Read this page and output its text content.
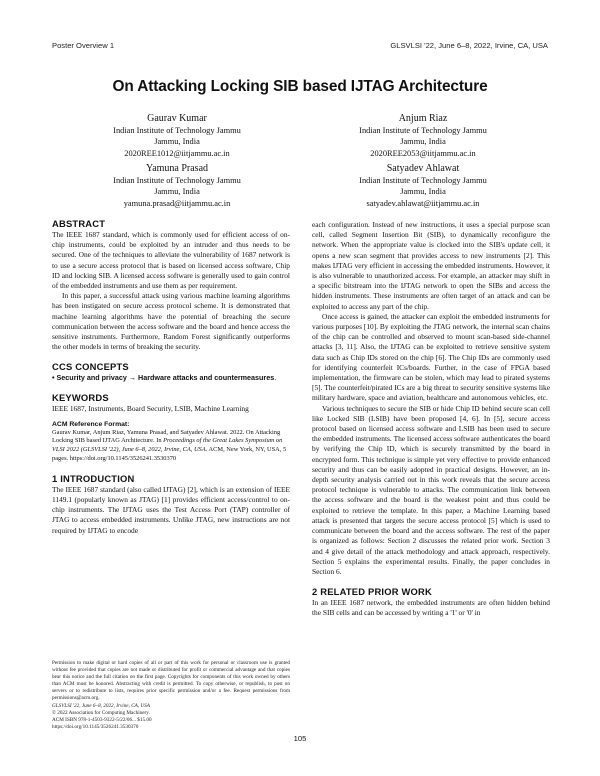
Poster Overview 1	GLSVLSI '22, June 6–8, 2022, Irvine, CA, USA
On Attacking Locking SIB based IJTAG Architecture
Gaurav Kumar
Indian Institute of Technology Jammu
Jammu, India
2020REE1012@iitjammu.ac.in
Anjum Riaz
Indian Institute of Technology Jammu
Jammu, India
2020REE2053@iitjammu.ac.in
Yamuna Prasad
Indian Institute of Technology Jammu
Jammu, India
yamuna.prasad@iitjammu.ac.in
Satyadev Ahlawat
Indian Institute of Technology Jammu
Jammu, India
satyadev.ahlawat@iitjammu.ac.in
ABSTRACT

The IEEE 1687 standard, which is commonly used for efficient access of on-chip instruments, could be exploited by an intruder and thus needs to be secured. One of the techniques to alleviate the vulnerability of 1687 network is to use a secure access protocol that is based on licensed access software, Chip ID and locking SIB. A licensed access software is generally used to gain control of the embedded instruments and use them as per requirement.

In this paper, a successful attack using various machine learning algorithms has been instigated on secure access protocol scheme. It is demonstrated that machine learning algorithms have the potential of breaching the secure communication between the access software and the board and hence access the sensitive instruments. Furthermore, Random Forest significantly outperforms the other models in terms of breaking the security.

CCS CONCEPTS
• Security and privacy → Hardware attacks and countermeasures.
KEYWORDS

IEEE 1687, Instruments, Board Security, LSIB, Machine Learning

ACM Reference Format:
Gaurav Kumar, Anjum Riaz, Yamuna Prasad, and Satyadev Ahlawat. 2022. On Attacking Locking SIB based IJTAG Architecture. In Proceedings of the Great Lakes Symposium on VLSI 2022 (GLSVLSI '22), June 6–8, 2022, Irvine, CA, USA. ACM, New York, NY, USA, 5 pages. https://doi.org/10.1145/3526241.3530370
1 INTRODUCTION

The IEEE 1687 standard (also called IJTAG) [2], which is an extension of IEEE 1149.1 (popularly known as JTAG) [1] provides efficient access/control to on-chip instruments. The IJTAG uses the Test Access Port (TAP) controller of JTAG to access embedded instruments. Unlike JTAG, new instructions are not required by IJTAG to encode

Permission to make digital or hard copies of all or part of this work for personal or classroom use is granted without fee provided that copies are not made or distributed for profit or commercial advantage and that copies bear this notice and the full citation on the first page. Copyrights for components of this work owned by others than ACM must be honored. Abstracting with credit is permitted. To copy otherwise, or republish, to post on servers or to redistribute to lists, requires prior specific permission and/or a fee. Request permissions from permissions@acm.org.

GLSVLSI '22, June 6–8, 2022, Irvine, CA, USA
© 2022 Association for Computing Machinery.
ACM ISBN 978-1-4503-9322-5/22/06... $15.00
https://doi.org/10.1145/3526241.3530370

each configuration. Instead of new instructions, it uses a special purpose scan cell, called Segment Insertion Bit (SIB), to dynamically reconfigure the network. When the appropriate value is clocked into the SIB's update cell, it opens a new scan segment that provides access to new instruments [2]. This makes IJTAG very efficient in accessing the embedded instruments. However, it is also vulnerable to unauthorized access. For example, an attacker may shift in a specific bitstream into the IJTAG network to open the SIBs and access the hidden instruments. These instruments are often target of an attack and can be exploited to access any part of the chip.

Once access is gained, the attacker can exploit the embedded instruments for various purposes [10]. By exploiting the JTAG network, the internal scan chains of the chip can be controlled and observed to mount scan-based side-channel attacks [3, 11]. Also, the IJTAG can be exploited to retrieve sensitive system data such as Chip IDs stored on the chip [6]. The Chip IDs are commonly used for identifying counterfeit ICs/boards. Further, in the case of FPGA based implementation, the firmware can be stolen, which may lead to pirated systems [5]. The counterfeit/pirated ICs are a big threat to security sensitive systems like military hardware, space and aviation, healthcare and autonomous vehicles, etc.

Various techniques to secure the SIB or hide Chip ID behind secure scan cell like Locked SIB (LSIB) have been proposed [4, 6]. In [5], secure access protocol based on licensed access software and LSIB has been used to secure the embedded instruments. The licensed access software authenticates the board by verifying the Chip ID, which is securely transmitted by the board in encrypted form. This technique is simple yet very effective to provide enhanced security and thus can be easily adopted in practical designs. However, an in-depth security analysis carried out in this work reveals that the secure access protocol technique is vulnerable to attacks. The communication link between the access software and the board is the weakest point and thus could be exploited to retrieve the template. In this paper, a Machine Learning based attack is presented that targets the secure access protocol [5] which is used to communicate between the board and the access software. The rest of the paper is organized as follows: Section 2 discusses the related prior work. Section 3 and 4 give detail of the attack methodology and attack approach, respectively. Section 5 explains the experimental results. Finally, the paper concludes in Section 6.

2 RELATED PRIOR WORK

In an IEEE 1687 network, the embedded instruments are often hidden behind the SIB cells and can be accessed by writing a '1' or '0' in

105
